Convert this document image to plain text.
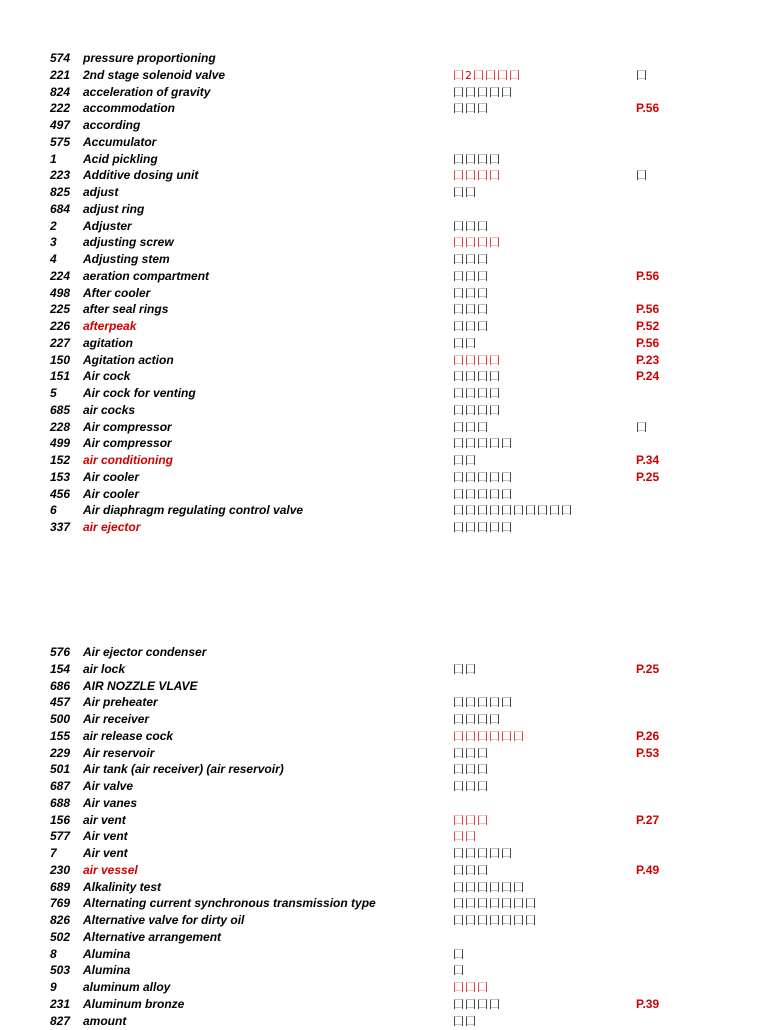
574 pressure proportioning
221 2nd stage solenoid valve	囗2囗囗囗囗	囗
824 acceleration of gravity	囗囗囗囗囗
222 accommodation	囗囗囗	P.56
497 according
575 Accumulator
1 Acid pickling	囗囗囗囗
223 Additive dosing unit	囗囗囗囗	囗
825 adjust	囗囗
684 adjust ring
2 Adjuster	囗囗囗
3 adjusting screw	囗囗囗囗
4 Adjusting stem	囗囗囗
224 aeration compartment	囗囗囗	P.56
498 After cooler	囗囗囗
225 after seal rings	囗囗囗	P.56
226 afterpeak	囗囗囗	P.52
227 agitation	囗囗	P.56
150 Agitation action	囗囗囗囗	P.23
151 Air cock	囗囗囗囗	P.24
5 Air cock for venting	囗囗囗囗
685 air cocks	囗囗囗囗
228 Air compressor	囗囗囗	囗
499 Air compressor	囗囗囗囗囗
152 air conditioning	囗囗	P.34
153 Air cooler	囗囗囗囗囗	P.25
456 Air cooler	囗囗囗囗囗
6 Air diaphragm regulating control valve	囗囗囗囗囗囗囗囗囗囗
337 air ejector	囗囗囗囗囗
576 Air ejector condenser
154 air lock	囗囗	P.25
686 AIR NOZZLE VLAVE
457 Air preheater	囗囗囗囗囗
500 Air receiver	囗囗囗囗
155 air release cock	囗囗囗囗囗囗	P.26
229 Air reservoir	囗囗囗	P.53
501 Air tank (air receiver) (air reservoir)	囗囗囗
687 Air valve	囗囗囗
688 Air vanes
156 air vent	囗囗囗	P.27
577 Air vent	囗囗
7 Air vent	囗囗囗囗囗
230 air vessel	囗囗囗	P.49
689 Alkalinity test	囗囗囗囗囗囗
769 Alternating current synchronous transmission type	囗囗囗囗囗囗囗
826 Alternative valve for dirty oil	囗囗囗囗囗囗囗
502 Alternative arrangement
8 Alumina	囗
503 Alumina	囗
9 aluminum alloy	囗囗囗
231 Aluminum bronze	囗囗囗囗	P.39
827 amount	囗囗
